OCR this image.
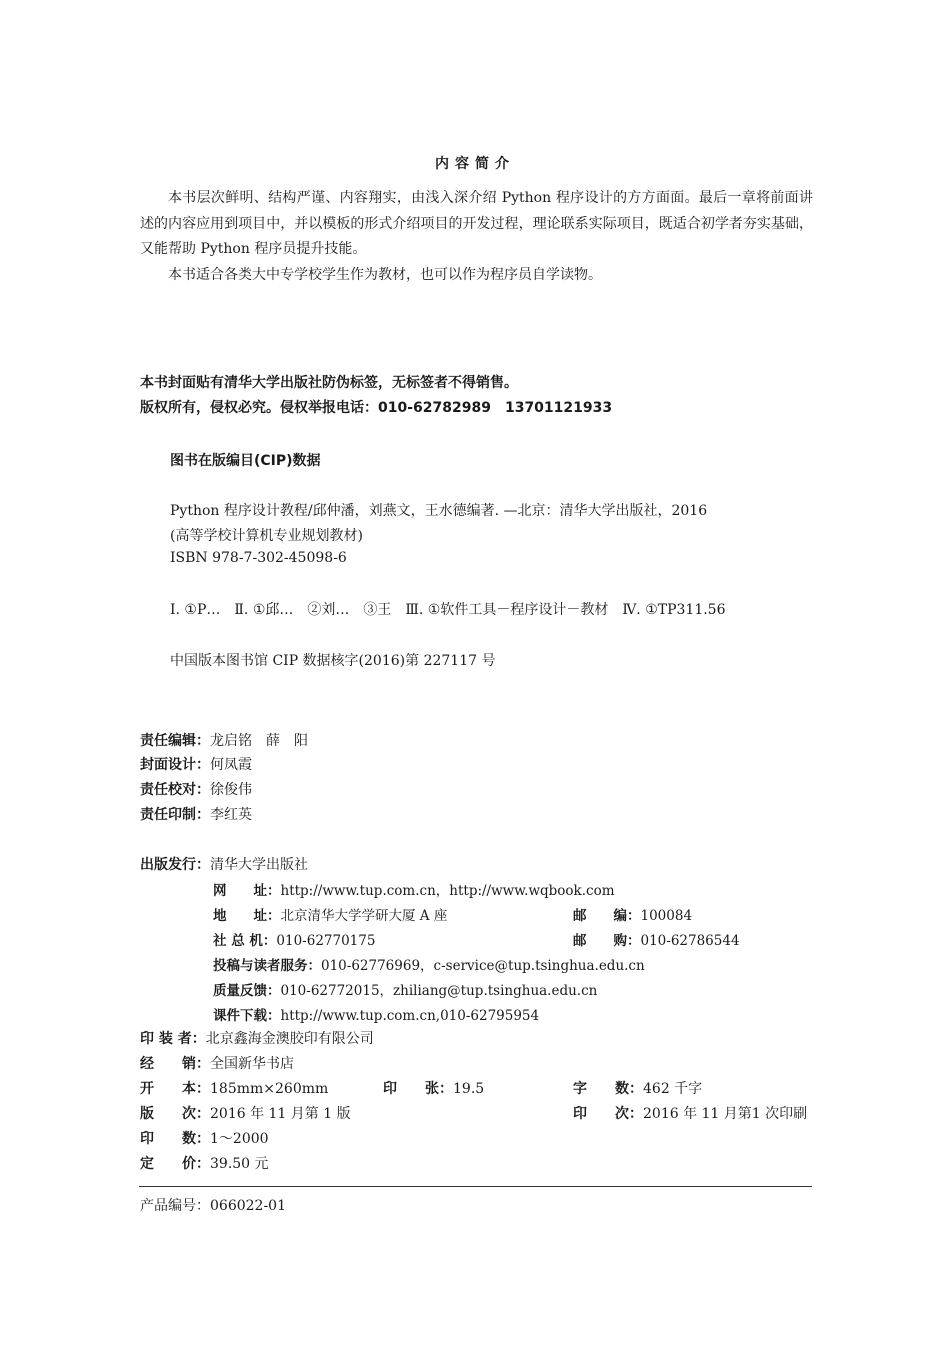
内容简介

本书层次鲜明、结构严谨、内容翔实，由浅入深介绍 Python 程序设计的方方面面。最后一章将前面讲述的内容应用到项目中，并以模板的形式介绍项目的开发过程，理论联系实际项目，既适合初学者夯实基础，又能帮助 Python 程序员提升技能。

本书适合各类大中专学校学生作为教材，也可以作为程序员自学读物。

本书封面贴有清华大学出版社防伪标签，无标签者不得销售。
版权所有，侵权必究。侵权举报电话：010-62782989　13701121933
图书在版编目(CIP)数据
Python 程序设计教程/邱仲潘，刘燕文，王水德编著. —北京：清华大学出版社，2016
(高等学校计算机专业规划教材)
ISBN 978-7-302-45098-6
Ⅰ. ①P…　Ⅱ. ①邱…　②刘…　③王　Ⅲ. ①软件工具－程序设计－教材　Ⅳ. ①TP311.56
中国版本图书馆 CIP 数据核字(2016)第 227117 号
责任编辑：龙启铭　薛　阳
封面设计：何凤霞
责任校对：徐俊伟
责任印制：李红英
出版发行：清华大学出版社
网　　址：http://www.tup.com.cn，http://www.wqbook.com
地　　址：北京清华大学学研大厦 A 座	邮　　编：100084
社 总 机：010-62770175	邮　　购：010-62786544
投稿与读者服务：010-62776969，c-service@tup.tsinghua.edu.cn
质量反馈：010-62772015，zhiliang@tup.tsinghua.edu.cn
课件下载：http://www.tup.com.cn,010-62795954
印 装 者：北京鑫海金澳胶印有限公司
经　　销：全国新华书店
开　　本：185mm×260mm	印　　张：19.5	字　　数：462 千字
版　　次：2016 年 11 月第 1 版	印　　次：2016 年 11 月第1 次印刷
印　　数：1～2000
定　　价：39.50 元
产品编号：066022-01
